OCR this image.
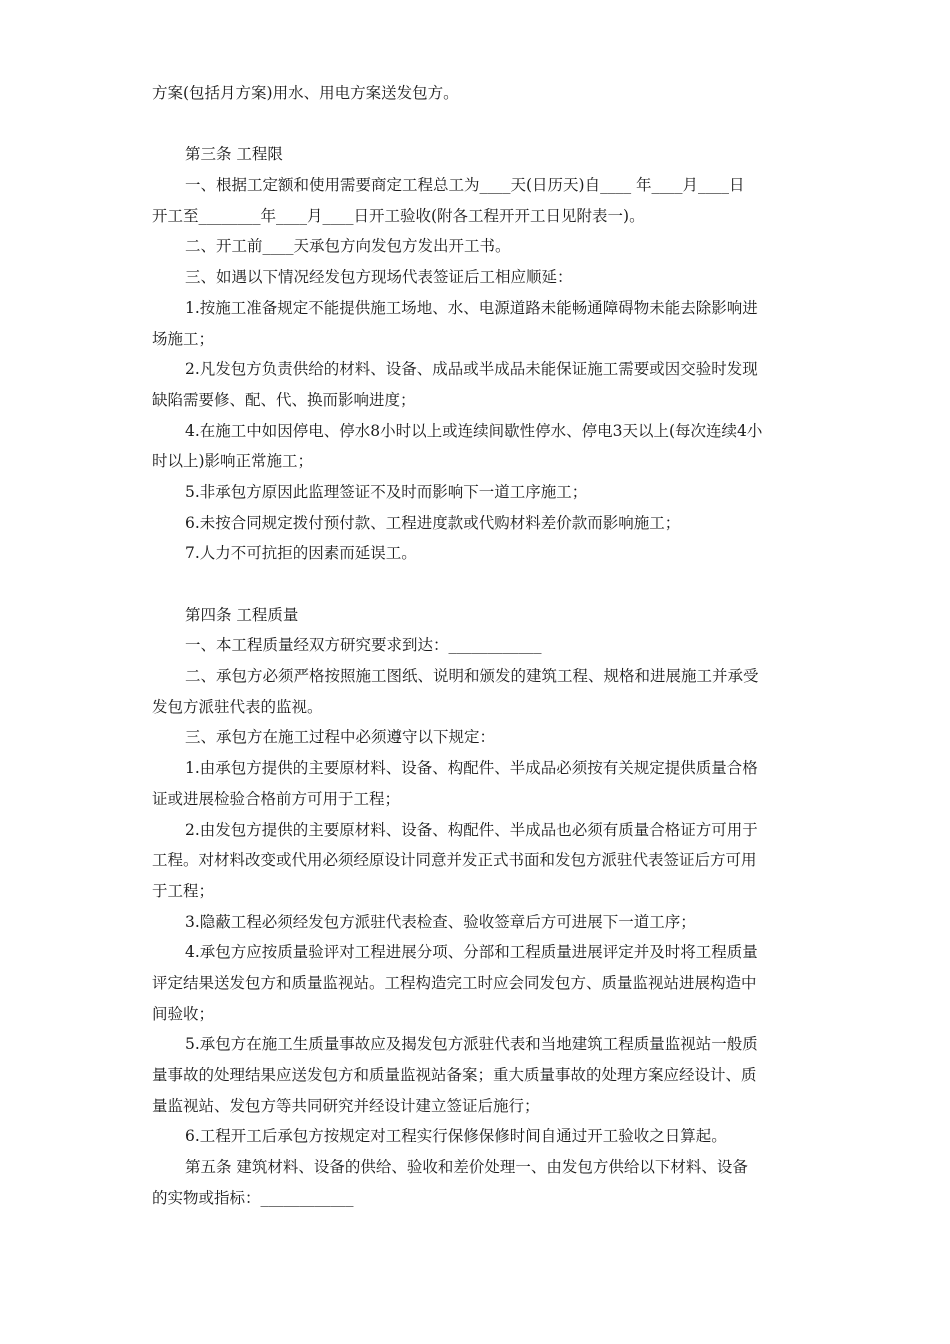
方案(包括月方案)用水、用电方案送发包方。
第三条 工程限
一、根据工定额和使用需要商定工程总工为____天(日历天)自____ 年____月____日
开工至________年____月____日开工验收(附各工程开开工日见附表一)。
二、开工前____天承包方向发包方发出开工书。
三、如遇以下情况经发包方现场代表签证后工相应顺延：
1.按施工准备规定不能提供施工场地、水、电源道路未能畅通障碍物未能去除影响进
场施工；
2.凡发包方负责供给的材料、设备、成品或半成品未能保证施工需要或因交验时发现
缺陷需要修、配、代、换而影响进度；
4.在施工中如因停电、停水8小时以上或连续间歇性停水、停电3天以上(每次连续4小
时以上)影响正常施工；
5.非承包方原因此监理签证不及时而影响下一道工序施工；
6.未按合同规定拨付预付款、工程进度款或代购材料差价款而影响施工；
7.人力不可抗拒的因素而延误工。
第四条 工程质量
一、本工程质量经双方研究要求到达：____________
二、承包方必须严格按照施工图纸、说明和颁发的建筑工程、规格和进展施工并承受
发包方派驻代表的监视。
三、承包方在施工过程中必须遵守以下规定：
1.由承包方提供的主要原材料、设备、构配件、半成品必须按有关规定提供质量合格
证或进展检验合格前方可用于工程；
2.由发包方提供的主要原材料、设备、构配件、半成品也必须有质量合格证方可用于
工程。对材料改变或代用必须经原设计同意并发正式书面和发包方派驻代表签证后方可用
于工程；
3.隐蔽工程必须经发包方派驻代表检查、验收签章后方可进展下一道工序；
4.承包方应按质量验评对工程进展分项、分部和工程质量进展评定并及时将工程质量
评定结果送发包方和质量监视站。工程构造完工时应会同发包方、质量监视站进展构造中
间验收；
5.承包方在施工生质量事故应及揭发包方派驻代表和当地建筑工程质量监视站一般质
量事故的处理结果应送发包方和质量监视站备案；重大质量事故的处理方案应经设计、质
量监视站、发包方等共同研究并经设计建立签证后施行；
6.工程开工后承包方按规定对工程实行保修保修时间自通过开工验收之日算起。
第五条 建筑材料、设备的供给、验收和差价处理一、由发包方供给以下材料、设备
的实物或指标：____________
